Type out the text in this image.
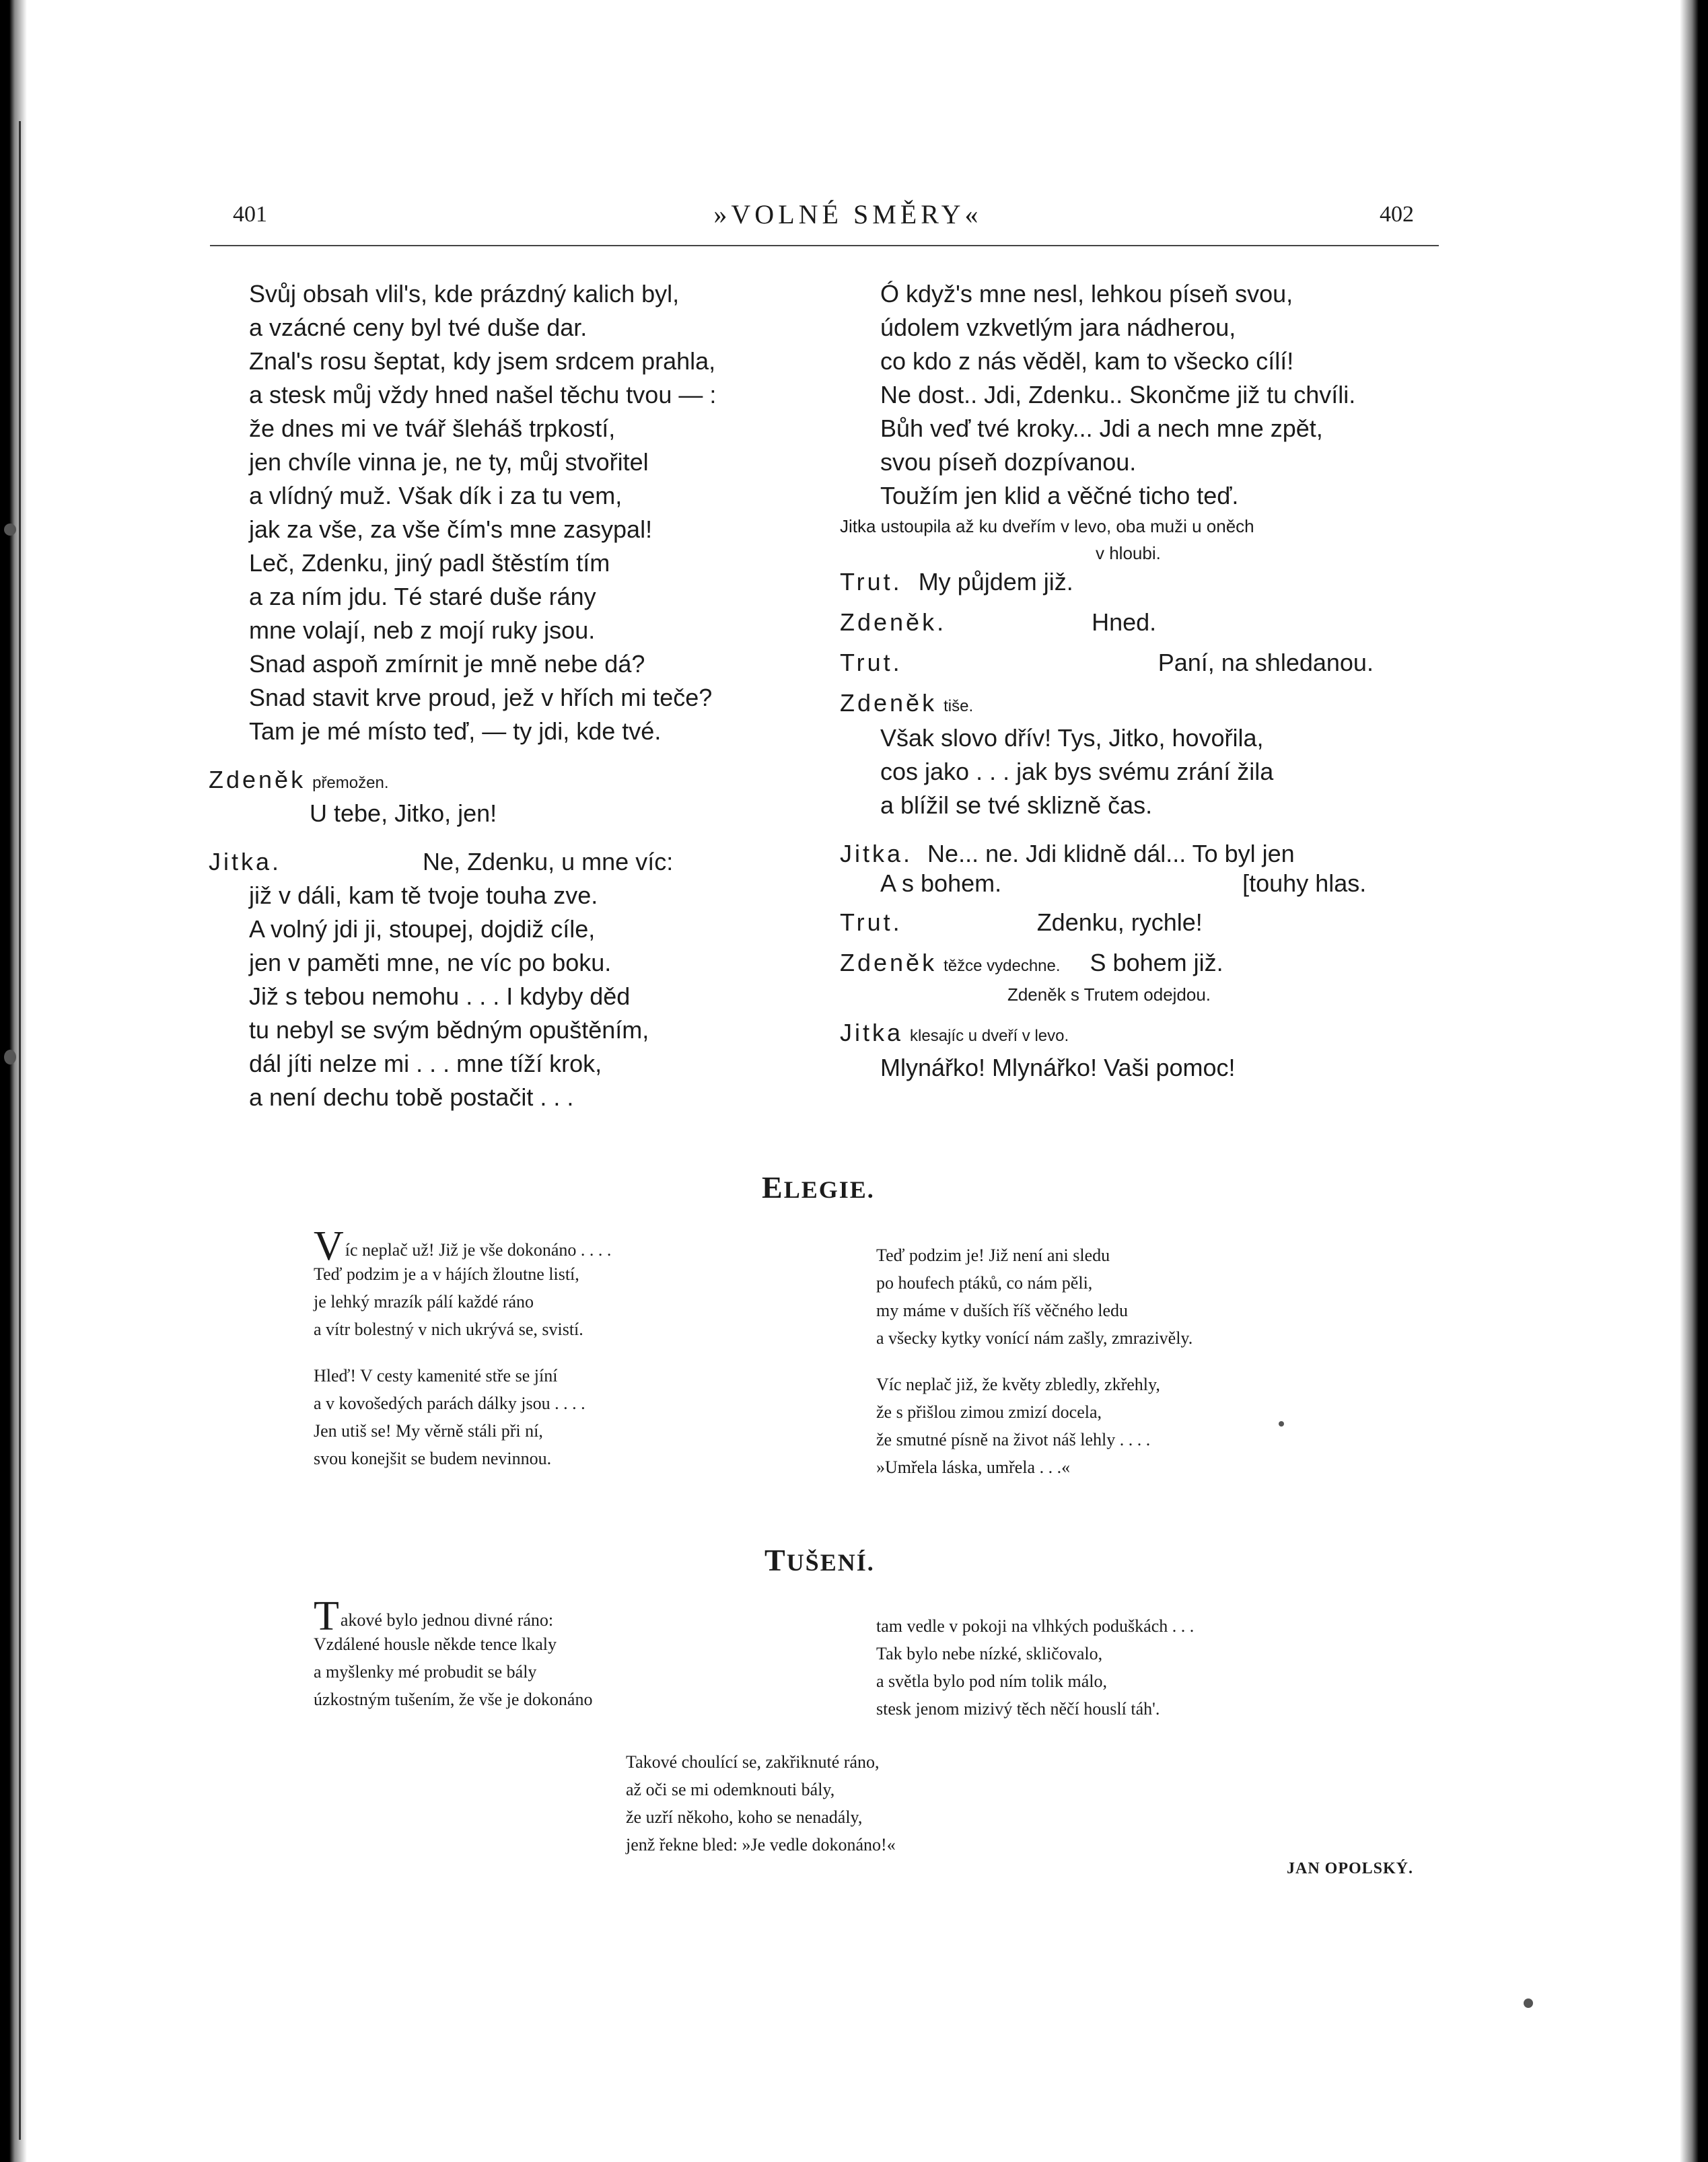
401	»VOLNÉ SMĚRY«	402
Svůj obsah vlil's, kde prázdný kalich byl,
a vzácné ceny byl tvé duše dar.
Znal's rosu šeptat, kdy jsem srdcem prahla,
a stesk můj vždy hned našel těchu tvou — :
že dnes mi ve tvář šleháš trpkostí,
jen chvíle vinna je, ne ty, můj stvořitel
a vlídný muž. Však dík i za tu vem,
jak za vše, za vše čím's mne zasypal!
Leč, Zdenku, jiný padl štěstím tím
a za ním jdu. Té staré duše rány
mne volají, neb z mojí ruky jsou.
Snad aspoň zmírnit je mně nebe dá?
Snad stavit krve proud, jež v hřích mi teče?
Tam je mé místo teď, — ty jdi, kde tvé.
Zdeněk přemožen.
U tebe, Jitko, jen!
Jitka.	Ne, Zdenku, u mne víc:
již v dáli, kam tě tvoje touha zve.
A volný jdi ji, stoupej, dojdiž cíle,
jen v paměti mne, ne víc po boku.
Již s tebou nemohu . . . I kdyby děd
tu nebyl se svým bědným opuštěním,
dál jíti nelze mi . . . mne tíží krok,
a není dechu tobě postačit . . .
Ó když's mne nesl, lehkou píseň svou,
údolem vzkvetlým jara nádherou,
co kdo z nás věděl, kam to všecko cílí!
Ne dost.. Jdi, Zdenku.. Skončme již tu chvíli.
Bůh veď tvé kroky... Jdi a nech mne zpět,
svou píseň dozpívanou.
Toužím jen klid a věčné ticho teď.
Jitka ustoupila až ku dveřím v levo, oba muži u oněch
v hloubi.
Trut. My půjdem již.
Zdeněk.	Hned.
Trut.	Paní, na shledanou.
Zdeněk tiše.
Však slovo dřív! Tys, Jitko, hovořila,
cos jako . . . jak bys svému zrání žila
a blížil se tvé sklizně čas.
Jitka. Ne... ne. Jdi klidně dál... To byl jen
A s bohem.	[touhy hlas.
Trut.	Zdenku, rychle!
Zdeněk těžce vydechne. S bohem již.
Zdeněk s Trutem odejdou.
Jitka klesajíc u dveří v levo.
Mlynářko! Mlynářko! Vaši pomoc!
ELEGIE.
Víc neplač už! Již je vše dokonáno . . . .
Teď podzim je a v hájích žloutne listí,
je lehký mrazík pálí každé ráno
a vítr bolestný v nich ukrývá se, svistí.
Hleď! V cesty kamenité stře se jíní
a v kovošedých parách dálky jsou . . . .
Jen utiš se! My věrně stáli při ní,
svou konejšit se budem nevinnou.
Teď podzim je! Již není ani sledu
po houfech ptáků, co nám pěli,
my máme v duších říš věčného ledu
a všecky kytky vonící nám zašly, zmrazivěly.
Víc neplač již, že květy zbledly, zkřehly,
že s přišlou zimou zmizí docela,
že smutné písně na život náš lehly . . . .
»Umřela láska, umřela . . .«
TUŠENÍ.
Takové bylo jednou divné ráno:
Vzdálené housle někde tence lkaly
a myšlenky mé probudit se bály
úzkostným tušením, že vše je dokonáno
tam vedle v pokoji na vlhkých poduškách . . .
Tak bylo nebe nízké, skličovalo,
a světla bylo pod ním tolik málo,
stesk jenom mizivý těch něčí houslí táh'.
Takové choulící se, zakřiknuté ráno,
až oči se mi odemknouti bály,
že uzří někoho, koho se nenadály,
jenž řekne bled: »Je vedle dokonáno!«
JAN OPOLSKÝ.
